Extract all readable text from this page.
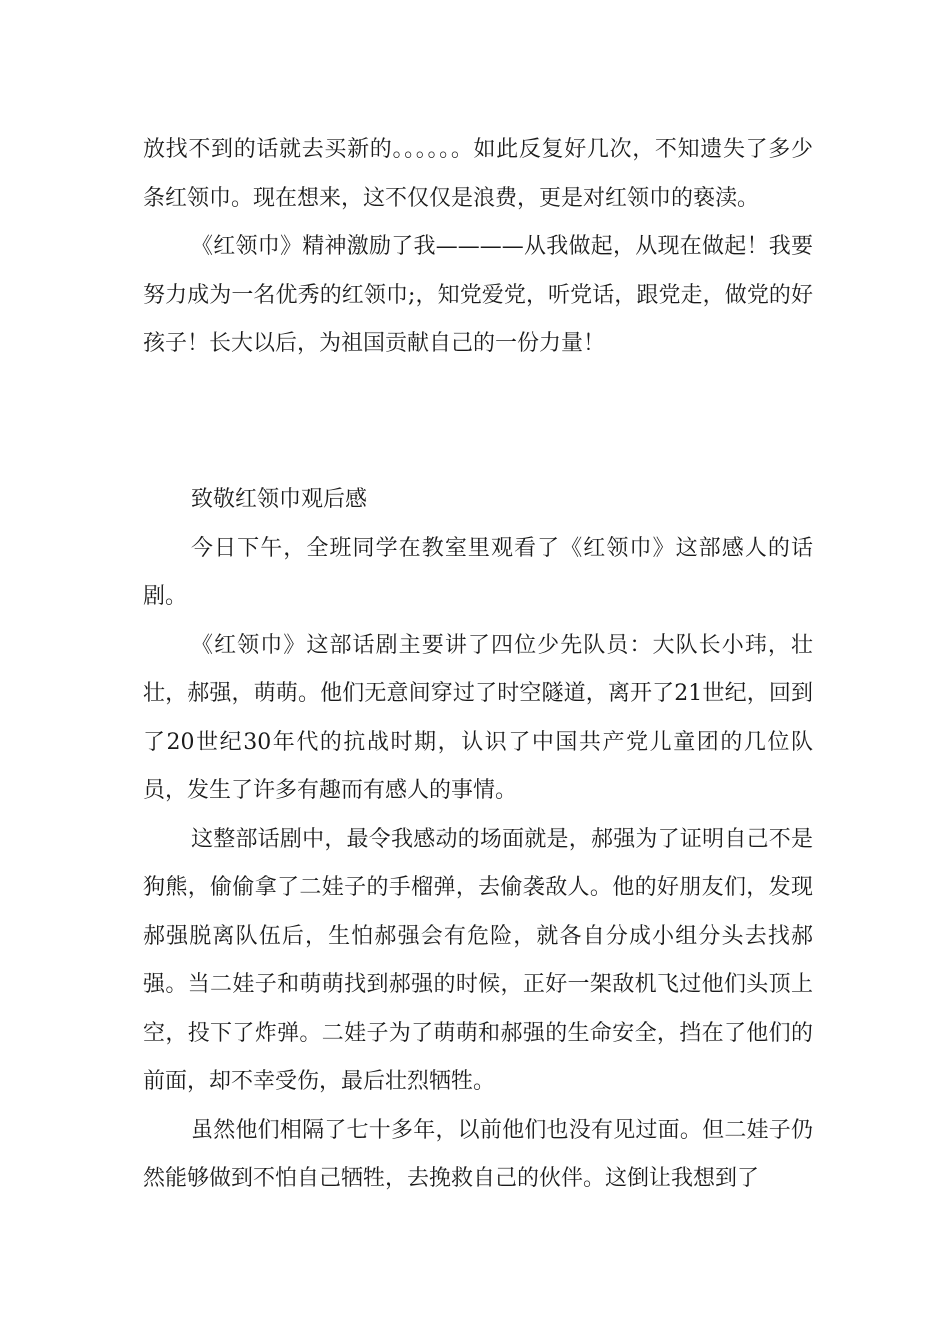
放找不到的话就去买新的。。。。。。如此反复好几次，不知遗失了多少条红领巾。现在想来，这不仅仅是浪费，更是对红领巾的亵渎。

《红领巾》精神激励了我————从我做起，从现在做起！我要努力成为一名优秀的红领巾;，知党爱党，听党话，跟党走，做党的好孩子！长大以后，为祖国贡献自己的一份力量！

致敬红领巾观后感

今日下午，全班同学在教室里观看了《红领巾》这部感人的话剧。

《红领巾》这部话剧主要讲了四位少先队员：大队长小玮，壮壮，郝强，萌萌。他们无意间穿过了时空隧道，离开了21世纪，回到了20世纪30年代的抗战时期，认识了中国共产党儿童团的几位队员，发生了许多有趣而有感人的事情。

这整部话剧中，最令我感动的场面就是，郝强为了证明自己不是狗熊，偷偷拿了二娃子的手榴弹，去偷袭敌人。他的好朋友们，发现郝强脱离队伍后，生怕郝强会有危险，就各自分成小组分头去找郝强。当二娃子和萌萌找到郝强的时候，正好一架敌机飞过他们头顶上空，投下了炸弹。二娃子为了萌萌和郝强的生命安全，挡在了他们的前面，却不幸受伤，最后壮烈牺牲。

虽然他们相隔了七十多年，以前他们也没有见过面。但二娃子仍然能够做到不怕自己牺牲，去挽救自己的伙伴。这倒让我想到了
